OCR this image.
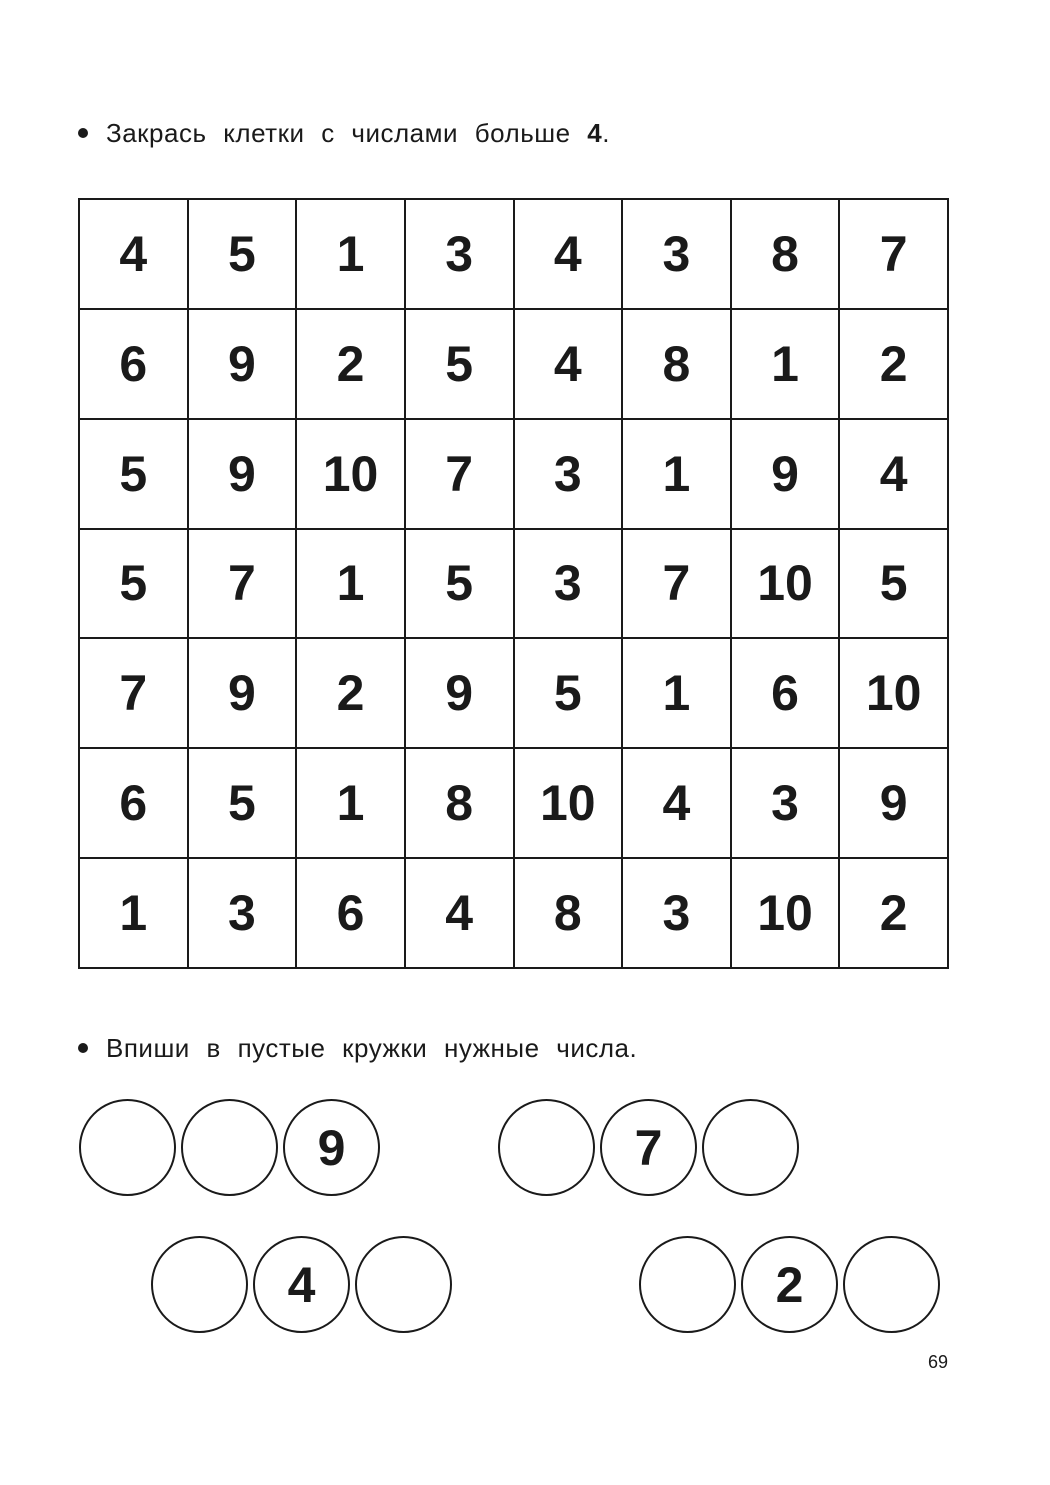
Закрась клетки с числами больше 4.
4	5	1	3	4	3	8	7
6	9	2	5	4	8	1	2
5	9	10	7	3	1	9	4
5	7	1	5	3	7	10	5
7	9	2	9	5	1	6	10
6	5	1	8	10	4	3	9
1	3	6	4	8	3	10	2
Впиши в пустые кружки нужные числа.
9	7
4	2
69
